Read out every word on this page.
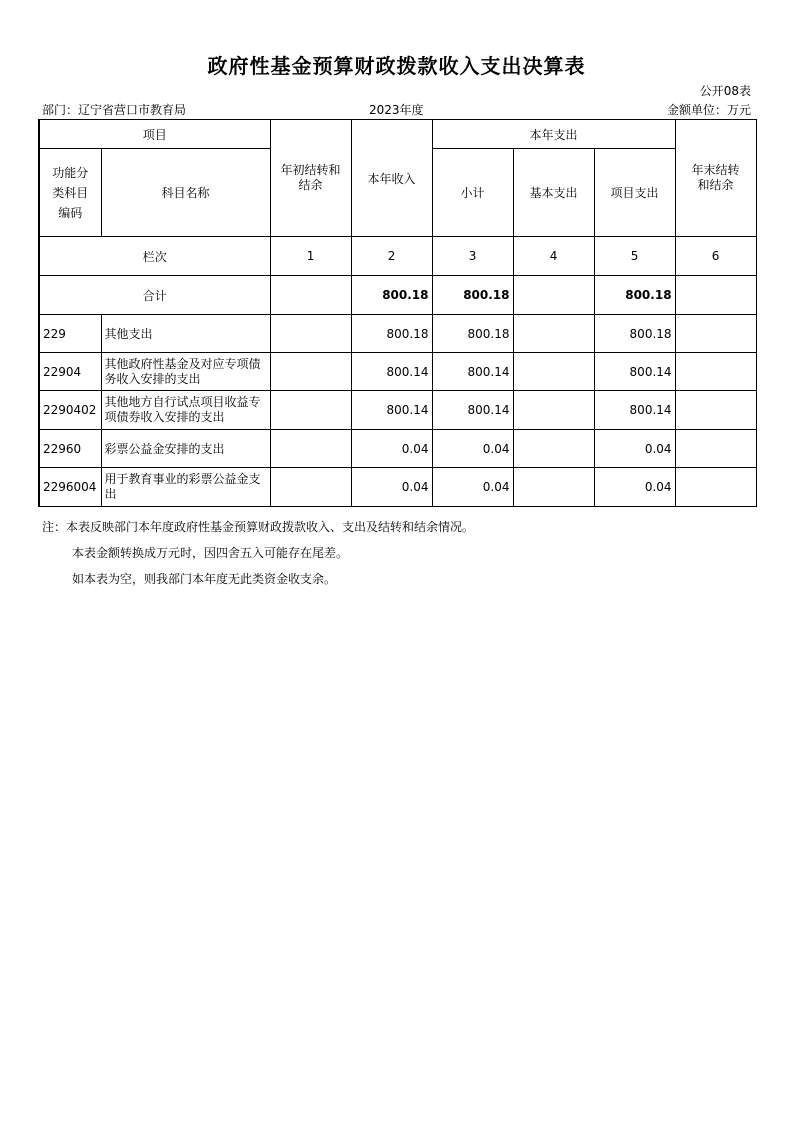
政府性基金预算财政拨款收入支出决算表
公开08表
部门：辽宁省营口市教育局	2023年度	金额单位：万元
项目		年初结转和结余	本年收入	本年支出			年末结转和结余

功能分类科目编码	科目名称			小计	基本支出	项目支出	
栏次		1	2	3	4	5	6
合计			800.18	800.18		800.18	
229	其他支出		800.18	800.18		800.18	
22904	其他政府性基金及对应专项债务收入安排的支出		800.14	800.14		800.14	
2290402	其他地方自行试点项目收益专项债券收入安排的支出		800.14	800.14		800.14	
22960	彩票公益金安排的支出		0.04	0.04		0.04	
2296004	用于教育事业的彩票公益金支出		0.04	0.04		0.04	
注：本表反映部门本年度政府性基金预算财政拨款收入、支出及结转和结余情况。
本表金额转换成万元时，因四舍五入可能存在尾差。
如本表为空，则我部门本年度无此类资金收支余。
